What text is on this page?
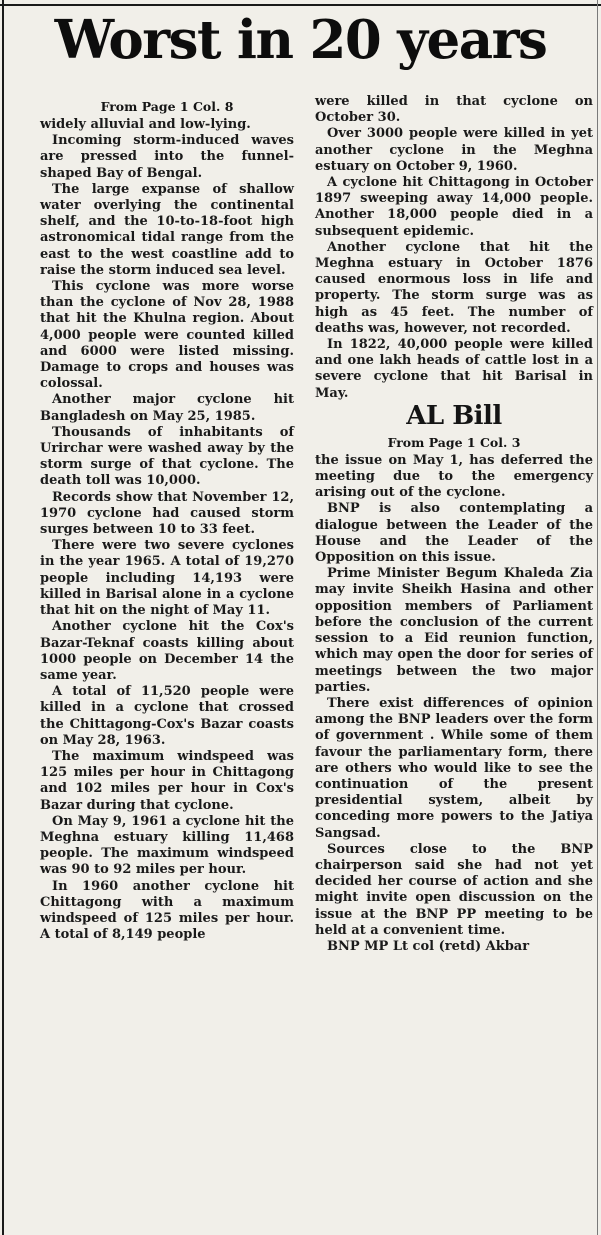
Worst in 20 years
From Page 1 Col. 8

widely alluvial and low-lying.

Incoming storm-induced waves are pressed into the funnel-shaped Bay of Bengal.

The large expanse of shallow water overlying the continental shelf, and the 10-to-18-foot high astronomical tidal range from the east to the west coastline add to raise the storm induced sea level.

This cyclone was more worse than the cyclone of Nov 28, 1988 that hit the Khulna region. About 4,000 people were counted killed and 6000 were listed missing. Damage to crops and houses was colossal.

Another major cyclone hit Bangladesh on May 25, 1985.

Thousands of inhabitants of Urirchar were washed away by the storm surge of that cyclone. The death toll was 10,000.

Records show that November 12, 1970 cyclone had caused storm surges between 10 to 33 feet.

There were two severe cyclones in the year 1965. A total of 19,270 people including 14,193 were killed in Barisal alone in a cyclone that hit on the night of May 11.

Another cyclone hit the Cox's Bazar-Teknaf coasts killing about 1000 people on December 14 the same year.

A total of 11,520 people were killed in a cyclone that crossed the Chittagong-Cox's Bazar coasts on May 28, 1963.

The maximum windspeed was 125 miles per hour in Chittagong and 102 miles per hour in Cox's Bazar during that cyclone.

On May 9, 1961 a cyclone hit the Meghna estuary killing 11,468 people. The maximum windspeed was 90 to 92 miles per hour.

In 1960 another cyclone hit Chittagong with a maximum windspeed of 125 miles per hour. A total of 8,149 people

were killed in that cyclone on October 30.

Over 3000 people were killed in yet another cyclone in the Meghna estuary on October 9, 1960.

A cyclone hit Chittagong in October 1897 sweeping away 14,000 people. Another 18,000 people died in a subsequent epidemic.

Another cyclone that hit the Meghna estuary in October 1876 caused enormous loss in life and property. The storm surge was as high as 45 feet. The number of deaths was, however, not recorded.

In 1822, 40,000 people were killed and one lakh heads of cattle lost in a severe cyclone that hit Barisal in May.

AL Bill
From Page 1 Col. 3

the issue on May 1, has deferred the meeting due to the emergency arising out of the cyclone.

BNP is also contemplating a dialogue between the Leader of the House and the Leader of the Opposition on this issue.

Prime Minister Begum Khaleda Zia may invite Sheikh Hasina and other opposition members of Parliament before the conclusion of the current session to a Eid reunion function, which may open the door for series of meetings between the two major parties.

There exist differences of opinion among the BNP leaders over the form of government . While some of them favour the parliamentary form, there are others who would like to see the continuation of the present presidential system, albeit by conceding more powers to the Jatiya Sangsad.

Sources close to the BNP chairperson said she had not yet decided her course of action and she might invite open discussion on the issue at the BNP PP meeting to be held at a convenient time.

BNP MP Lt col (retd) Akbar
